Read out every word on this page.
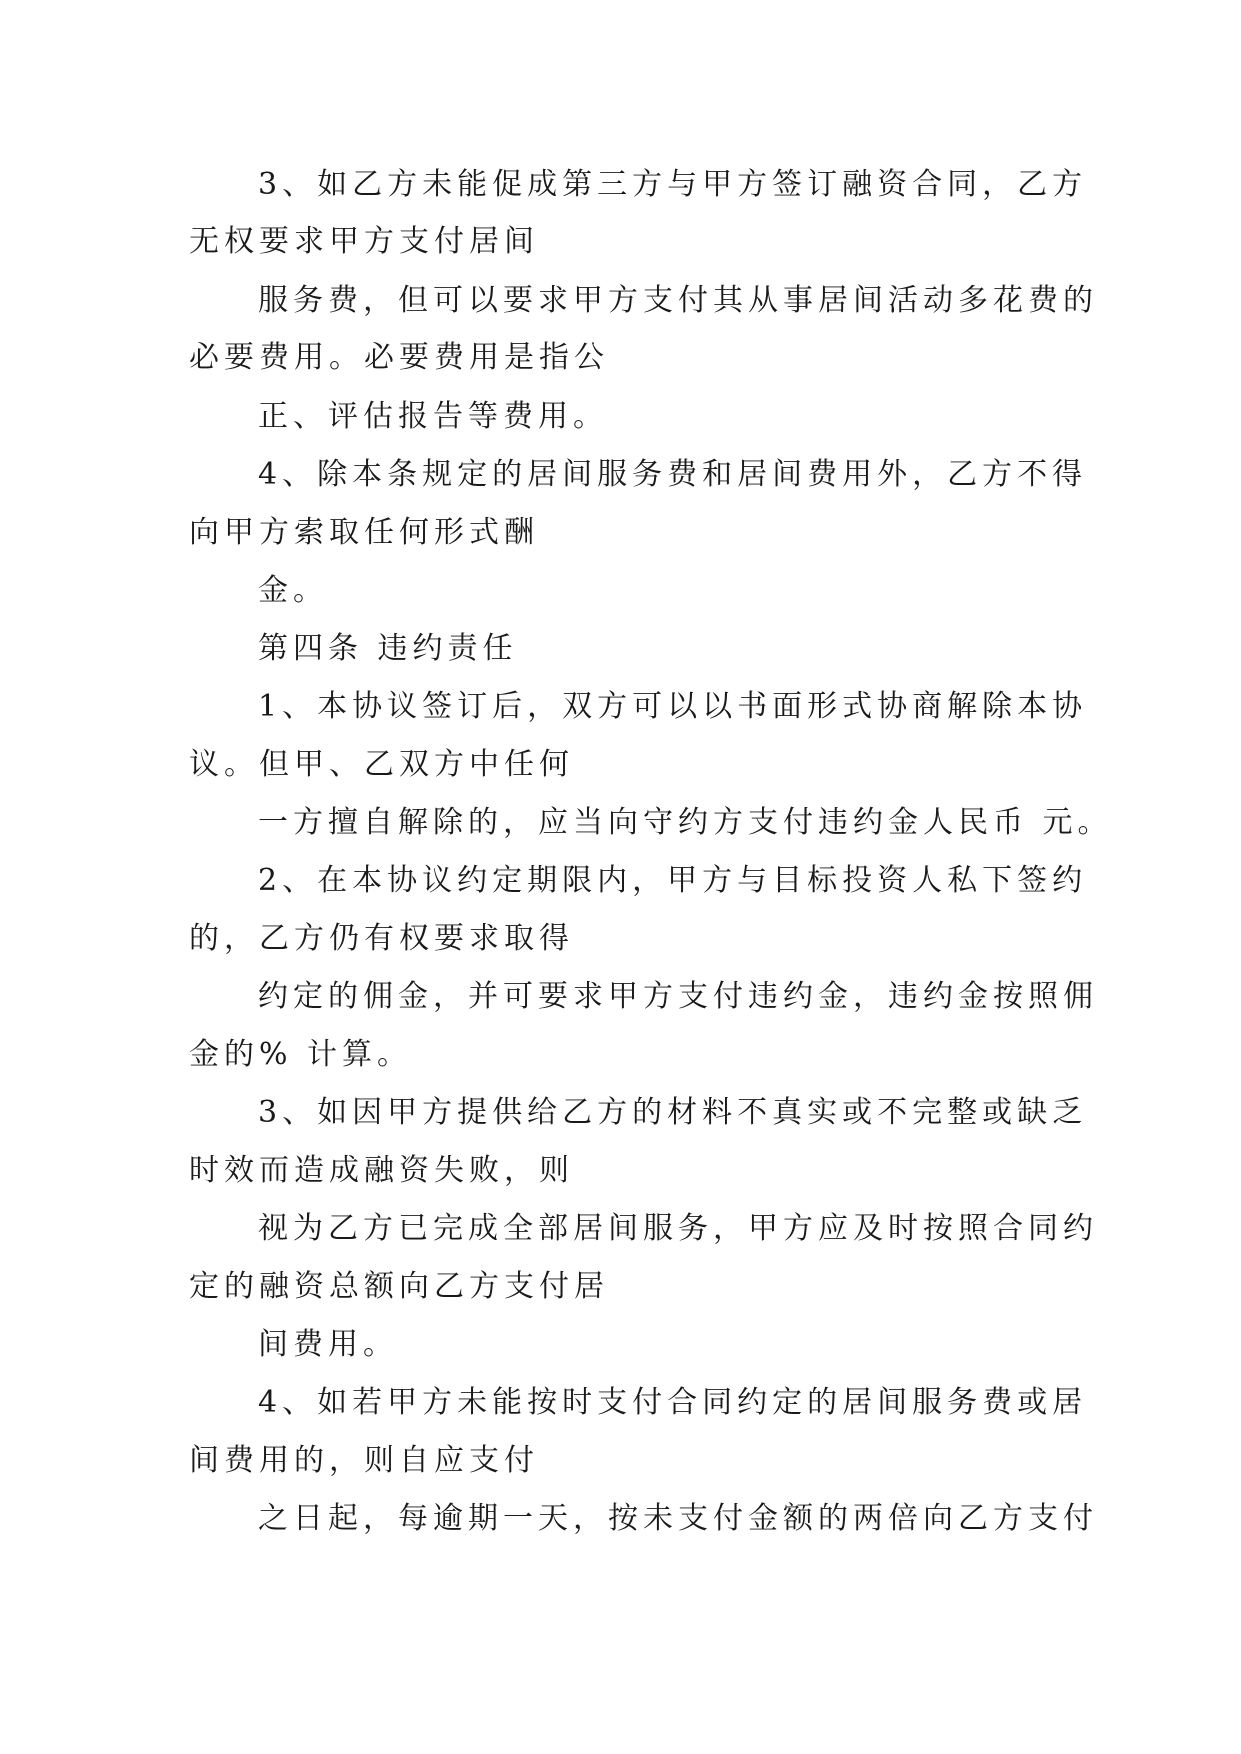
3、如乙方未能促成第三方与甲方签订融资合同，乙方
无权要求甲方支付居间
服务费，但可以要求甲方支付其从事居间活动多花费的
必要费用。必要费用是指公
正、评估报告等费用。
4、除本条规定的居间服务费和居间费用外，乙方不得
向甲方索取任何形式酬
金。
第四条 违约责任
1、本协议签订后，双方可以以书面形式协商解除本协
议。但甲、乙双方中任何
一方擅自解除的，应当向守约方支付违约金人民币 元。
2、在本协议约定期限内，甲方与目标投资人私下签约
的，乙方仍有权要求取得
约定的佣金，并可要求甲方支付违约金，违约金按照佣
金的% 计算。
3、如因甲方提供给乙方的材料不真实或不完整或缺乏
时效而造成融资失败，则
视为乙方已完成全部居间服务，甲方应及时按照合同约
定的融资总额向乙方支付居
间费用。
4、如若甲方未能按时支付合同约定的居间服务费或居
间费用的，则自应支付
之日起，每逾期一天，按未支付金额的两倍向乙方支付
